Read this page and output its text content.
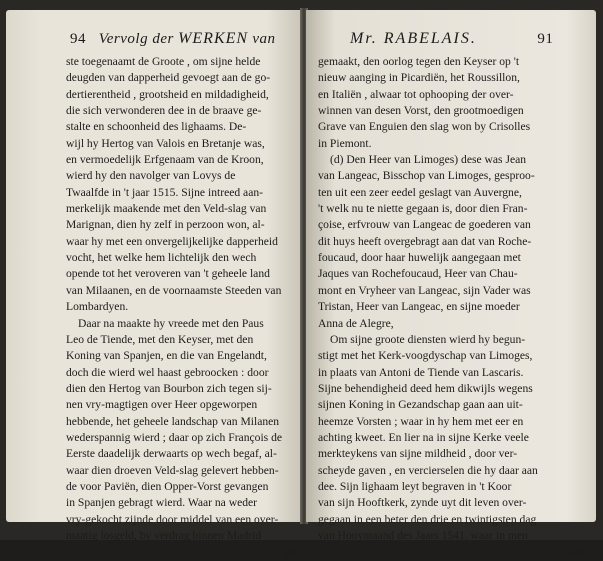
94 Vervolg der WERKEN van
ste toegenaamt de Groote , om sijne helde
deugden van dapperheid gevoegt aan de go-
dertierentheid , grootsheid en mildadigheid,
die sich verwonderen dee in de braave ge-
stalte en schoonheid des lighaams. De-
wijl hy Hertog van Valois en Bretanje was,
en vermoedelijk Erfgenaam van de Kroon,
wierd hy den navolger van Lovys de
Twaalfde in 't jaar 1515. Sijne intreed aan-
merkelijk maakende met den Veld-slag van
Marignan, dien hy zelf in perzoon won, al-
waar hy met een onvergelijkelijke dapperheid
vocht, het welke hem lichtelijk den wech
opende tot het veroveren van 't geheele land
van Milaanen, en de voornaamste Steeden van
Lombardyen.
Daar na maakte hy vreede met den Paus
Leo de Tiende, met den Keyser, met den
Koning van Spanjen, en die van Engelandt,
doch die wierd wel haast gebroocken : door
dien den Hertog van Bourbon zich tegen sij-
nen vry-magtigen over Heer opgeworpen
hebbende, het geheele landschap van Milanen
wederspannig wierd ; daar op zich François de
Eerste daadelijk derwaarts op wech begaf, al-
waar dien droeven Veld-slag gelevert hebben-
de voor Paviën, dien Opper-Vorst gevangen
in Spanjen gebragt wierd. Waar na weder
vry-gekocht zijnde door middel van een over-
maatig losgeld, by verdrag binnen Madrid
ge-
Mr. RABELAIS.	91
gemaakt, den oorlog tegen den Keyser op 't
nieuw aanging in Picardiën, het Roussillon,
en Italiën , alwaar tot ophooping der over-
winnen van desen Vorst, den grootmoedigen
Grave van Enguien den slag won by Crisolles
in Piemont.
(d) Den Heer van Limoges) dese was Jean
van Langeac, Bisschop van Limoges, gesproo-
ten uit een zeer eedel geslagt van Auvergne,
't welk nu te niette gegaan is, door dien Fran-
çoise, erfvrouw van Langeac de goederen van
dit huys heeft overgebragt aan dat van Roche-
foucaud, door haar huwelijk aangegaan met
Jaques van Rochefoucaud, Heer van Chau-
mont en Vryheer van Langeac, sijn Vader was
Tristan, Heer van Langeac, en sijne moeder
Anna de Alegre,
Om sijne groote diensten wierd hy begun-
stigt met het Kerk-voogdyschap van Limoges,
in plaats van Antoni de Tiende van Lascaris.
Sijne behendigheid deed hem dikwijls wegens
sijnen Koning in Gezandschap gaan aan uit-
heemze Vorsten ; waar in hy hem met eer en
achting kweet. En lier na in sijne Kerke veele
merkteykens van sijne mildheid , door ver-
scheyde gaven , en vercierselen die hy daar aan
dee. Sijn lighaam leyt begraven in 't Koor
van sijn Hooftkerk, zynde uyt dit leven over-
gegaan in een beter den drie en twintigsten dag
van Hooymaand des Jaars 1541. waar in men
aan
